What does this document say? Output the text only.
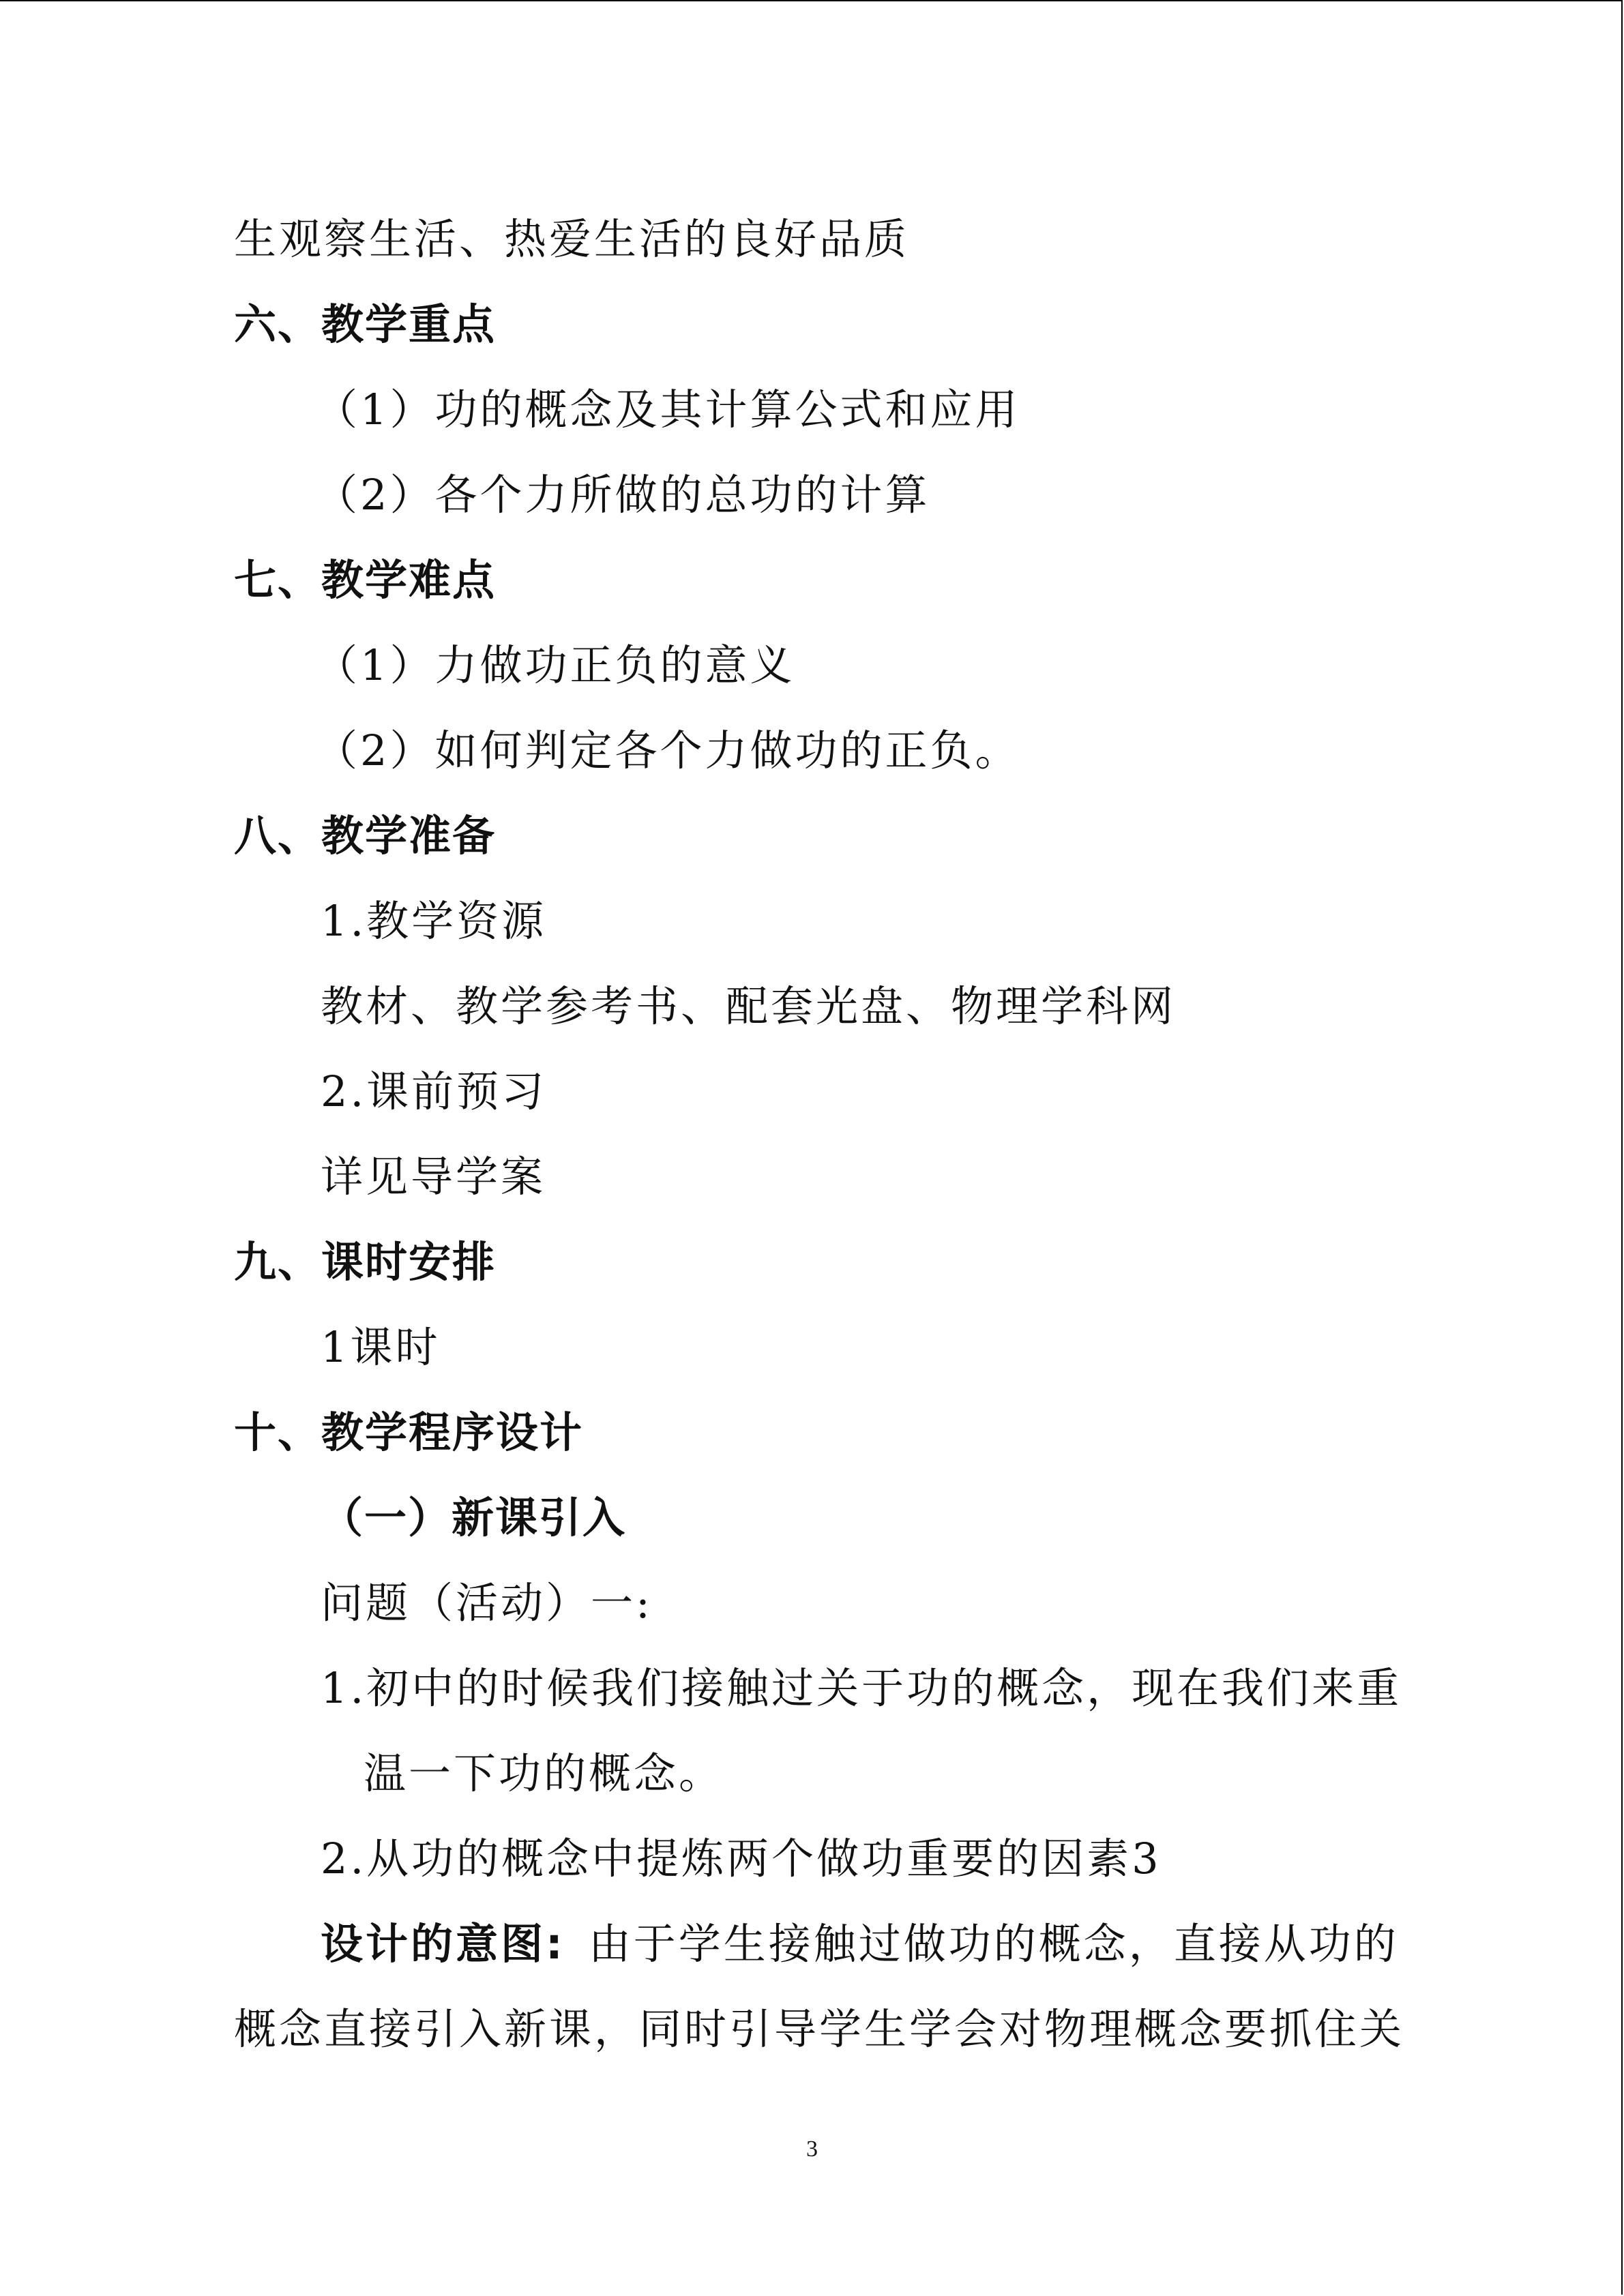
生观察生活、热爱生活的良好品质
六、教学重点
（1）功的概念及其计算公式和应用
（2）各个力所做的总功的计算
七、教学难点
（1）力做功正负的意义
（2）如何判定各个力做功的正负。
八、教学准备
1.教学资源
教材、教学参考书、配套光盘、物理学科网
2.课前预习
详见导学案
九、课时安排
1课时
十、教学程序设计
（一）新课引入
问题（活动）一:
1.初中的时候我们接触过关于功的概念，现在我们来重
温一下功的概念。
2.从功的概念中提炼两个做功重要的因素3
设计的意图: 由于学生接触过做功的概念，直接从功的
概念直接引入新课，同时引导学生学会对物理概念要抓住关
3
